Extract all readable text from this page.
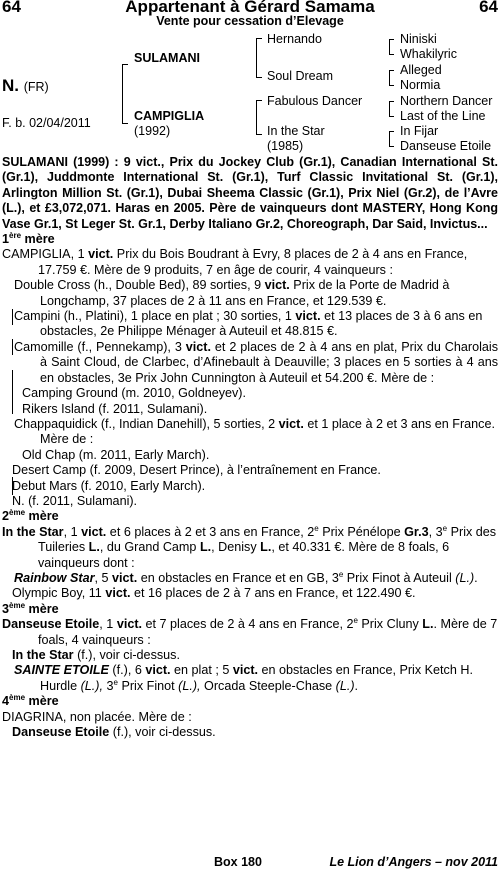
64	Appartenant à Gérard Samama	64
Vente pour cessation d’Elevage
N. (FR)
F. b. 02/04/2011
SULAMANI
CAMPIGLIA
(1992)
Hernando
Soul Dream
Fabulous Dancer
In the Star
(1985)
Niniski
Whakilyric
Alleged
Normia
Northern Dancer
Last of the Line
In Fijar
Danseuse Etoile

SULAMANI (1999) : 9 vict., Prix du Jockey Club (Gr.1), Canadian International St. (Gr.1), Juddmonte International St. (Gr.1), Turf Classic Invitational St. (Gr.1), Arlington Million St. (Gr.1), Dubai Sheema Classic (Gr.1), Prix Niel (Gr.2), de l’Avre (L.), et £3,072,071. Haras en 2005. Père de vainqueurs dont MASTERY, Hong Kong Vase Gr.1, St Leger St. Gr.1, Derby Italiano Gr.2, Choreograph, Dar Said, Invictus...

1ère mère

CAMPIGLIA, 1 vict. Prix du Bois Boudrant à Evry, 8 places de 2 à 4 ans en France, 17.759 €. Mère de 9 produits, 7 en âge de courir, 4 vainqueurs :

Double Cross (h., Double Bed), 89 sorties, 9 vict. Prix de la Porte de Madrid à Longchamp, 37 places de 2 à 11 ans en France, et 129.539 €.

Campini (h., Platini), 1 place en plat ; 30 sorties, 1 vict. et 13 places de 3 à 6 ans en obstacles, 2e Philippe Ménager à Auteuil et 48.815 €.

Camomille (f., Pennekamp), 3 vict. et 2 places de 2 à 4 ans en plat, Prix du Charolais à Saint Cloud, de Clarbec, d’Afinebault à Deauville; 3 places en 5 sorties à 4 ans en obstacles, 3e Prix John Cunnington à Auteuil et 54.200 €. Mère de :

Camping Ground (m. 2010, Goldneyev).

Rikers Island (f. 2011, Sulamani).

Chappaquidick (f., Indian Danehill), 5 sorties, 2 vict. et 1 place à 2 et 3 ans en France. Mère de :

Old Chap (m. 2011, Early March).

Desert Camp (f. 2009, Desert Prince), à l’entraînement en France.

Debut Mars (f. 2010, Early March).

N. (f. 2011, Sulamani).

2ème mère

In the Star, 1 vict. et 6 places à 2 et 3 ans en France, 2e Prix Pénélope Gr.3, 3e Prix des Tuileries L., du Grand Camp L., Denisy L., et 40.331 €. Mère de 8 foals, 6 vainqueurs dont :

Rainbow Star, 5 vict. en obstacles en France et en GB, 3e Prix Finot à Auteuil (L.).

Olympic Boy, 11 vict. et 16 places de 2 à 7 ans en France, et 122.490 €.

3ème mère

Danseuse Etoile, 1 vict. et 7 places de 2 à 4 ans en France, 2e Prix Cluny L.. Mère de 7 foals, 4 vainqueurs :

In the Star (f.), voir ci-dessus.

SAINTE ETOILE (f.), 6 vict. en plat ; 5 vict. en obstacles en France, Prix Ketch H. Hurdle (L.), 3e Prix Finot (L.), Orcada Steeple-Chase (L.).

4ème mère

DIAGRINA, non placée. Mère de :

Danseuse Etoile (f.), voir ci-dessus.

Box 180	Le Lion d’Angers – nov 2011
